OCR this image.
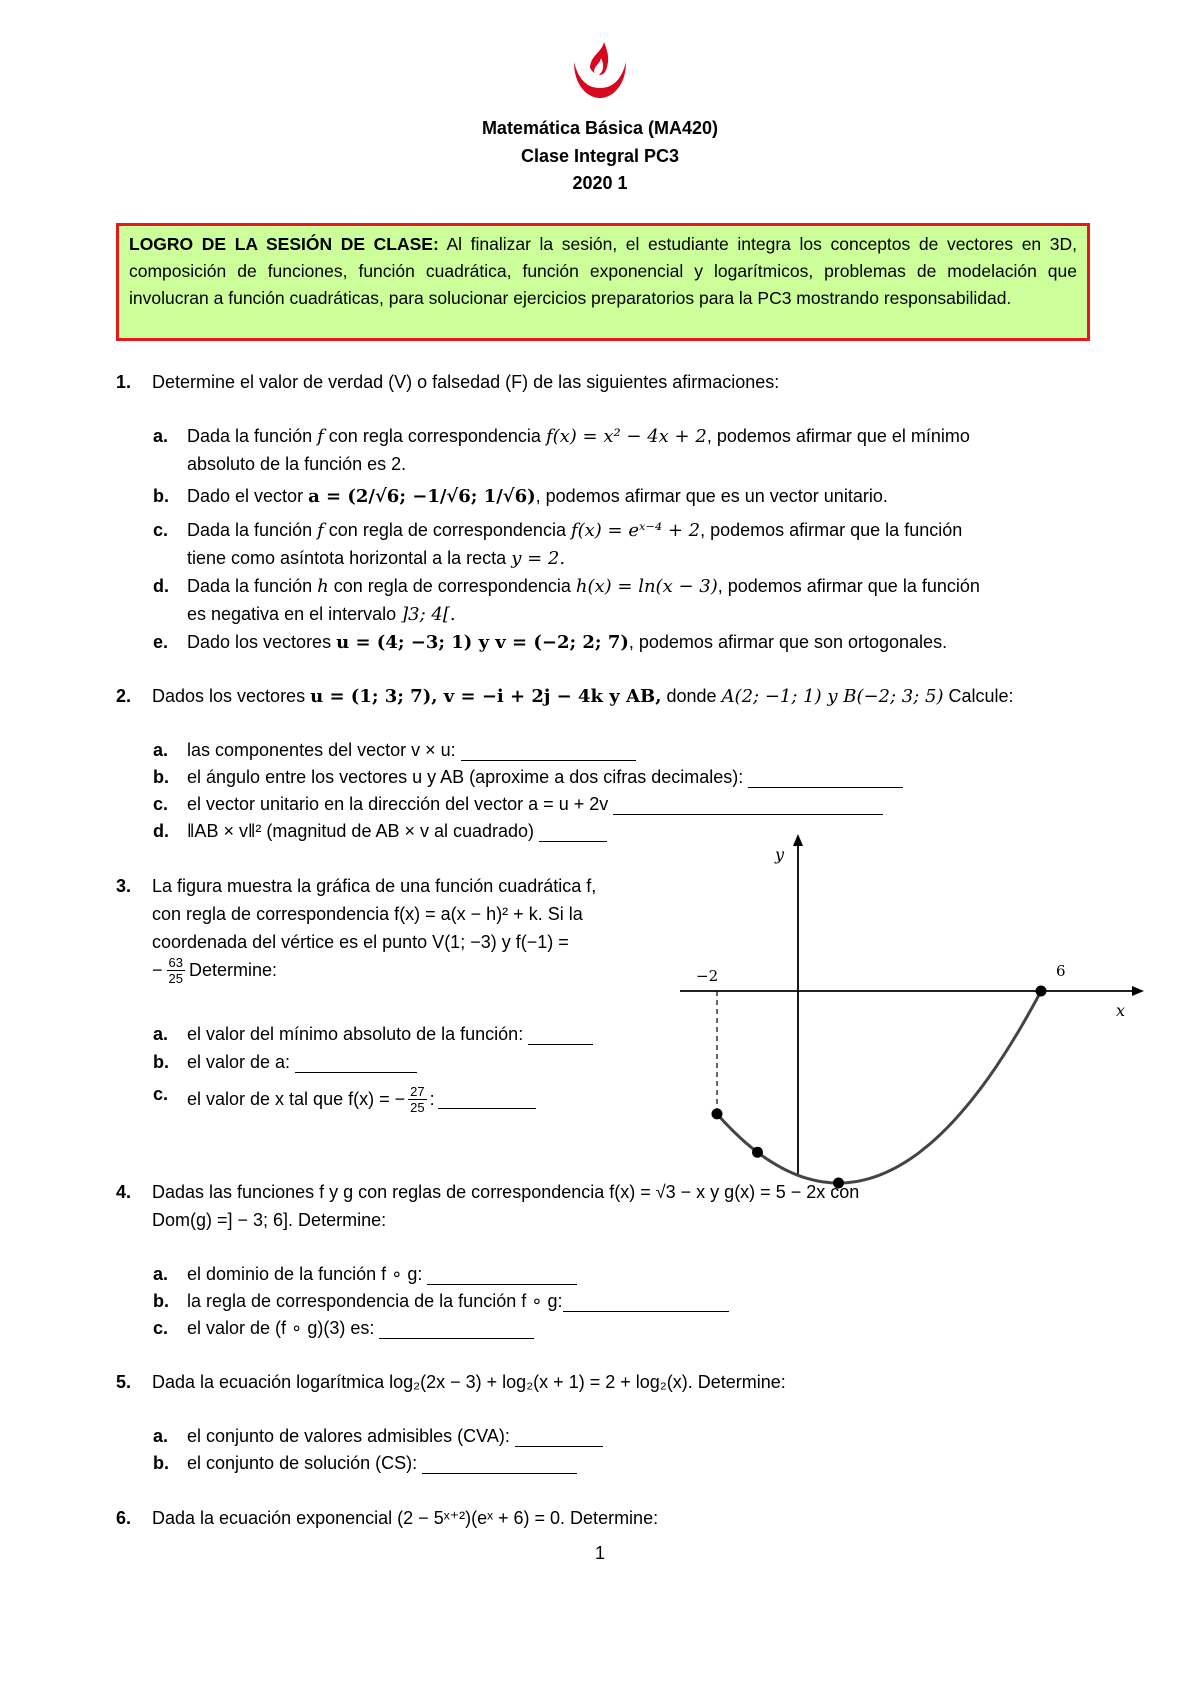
Matemática Básica (MA420)
Clase Integral PC3
2020 1
LOGRO DE LA SESIÓN DE CLASE: Al finalizar la sesión, el estudiante integra los conceptos de vectores en 3D, composición de funciones, función cuadrática, función exponencial y logarítmicos, problemas de modelación que involucran a función cuadráticas, para solucionar ejercicios preparatorios para la PC3 mostrando responsabilidad.
1. Determine el valor de verdad (V) o falsedad (F) de las siguientes afirmaciones:
a. Dada la función f con regla correspondencia f(x) = x² − 4x + 2, podemos afirmar que el mínimo
absoluto de la función es 2.
b. Dado el vector a = (2/√6; −1/√6; 1/√6), podemos afirmar que es un vector unitario.
c. Dada la función f con regla de correspondencia f(x) = eˣ⁻⁴ + 2, podemos afirmar que la función
tiene como asíntota horizontal a la recta y = 2.
d. Dada la función h con regla de correspondencia h(x) = ln(x − 3), podemos afirmar que la función
es negativa en el intervalo ]3; 4[.
e. Dado los vectores u = (4; −3; 1) y v = (−2; 2; 7), podemos afirmar que son ortogonales.
2. Dados los vectores u = (1; 3; 7), v = −i + 2j − 4k y AB, donde A(2; −1; 1) y B(−2; 3; 5) Calcule:
a. las componentes del vector v × u:
b. el ángulo entre los vectores u y AB (aproxime a dos cifras decimales):
c. el vector unitario en la dirección del vector a = u + 2v
d. ‖AB × v‖² (magnitud de AB × v al cuadrado)
3. La figura muestra la gráfica de una función cuadrática f,
con regla de correspondencia f(x) = a(x − h)² + k. Si la
coordenada del vértice es el punto V(1; −3) y f(−1) =
− $\frac{63}{25}$ Determine:
a. el valor del mínimo absoluto de la función:
b. el valor de a:
c. el valor de x tal que f(x) = − $\frac{27}{25}$ :
y
x
−2	6
4. Dadas las funciones f y g con reglas de correspondencia f(x) = √3 − x y g(x) = 5 − 2x con
Dom(g) =] − 3; 6]. Determine:
a. el dominio de la función f ∘ g:
b. la regla de correspondencia de la función f ∘ g:
c. el valor de (f ∘ g)(3) es:
5. Dada la ecuación logarítmica log₂(2x − 3) + log₂(x + 1) = 2 + log₂(x). Determine:
a. el conjunto de valores admisibles (CVA):
b. el conjunto de solución (CS):
6. Dada la ecuación exponencial (2 − 5ˣ⁺²)(eˣ + 6) = 0. Determine:
1
